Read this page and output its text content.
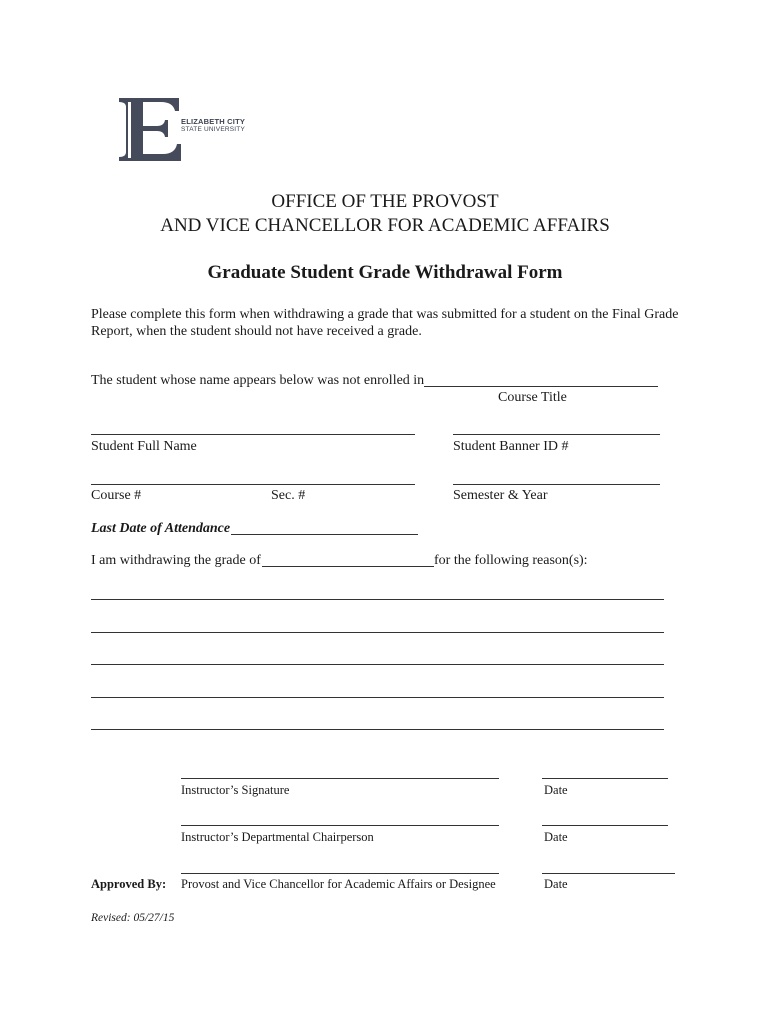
ELIZABETH CITY
STATE UNIVERSITY
OFFICE OF THE PROVOST
AND VICE CHANCELLOR FOR ACADEMIC AFFAIRS
Graduate Student Grade Withdrawal Form
Please complete this form when withdrawing a grade that was submitted for a student on the Final Grade
Report, when the student should not have received a grade.
The student whose name appears below was not enrolled in
Course Title
Student Full Name	Student Banner ID #
Course #	Sec. #	Semester & Year
Last Date of Attendance
I am withdrawing the grade of	for the following reason(s):
Instructor’s Signature	Date
Instructor’s Departmental Chairperson	Date
Approved By: Provost and Vice Chancellor for Academic Affairs or Designee	Date
Revised: 05/27/15
